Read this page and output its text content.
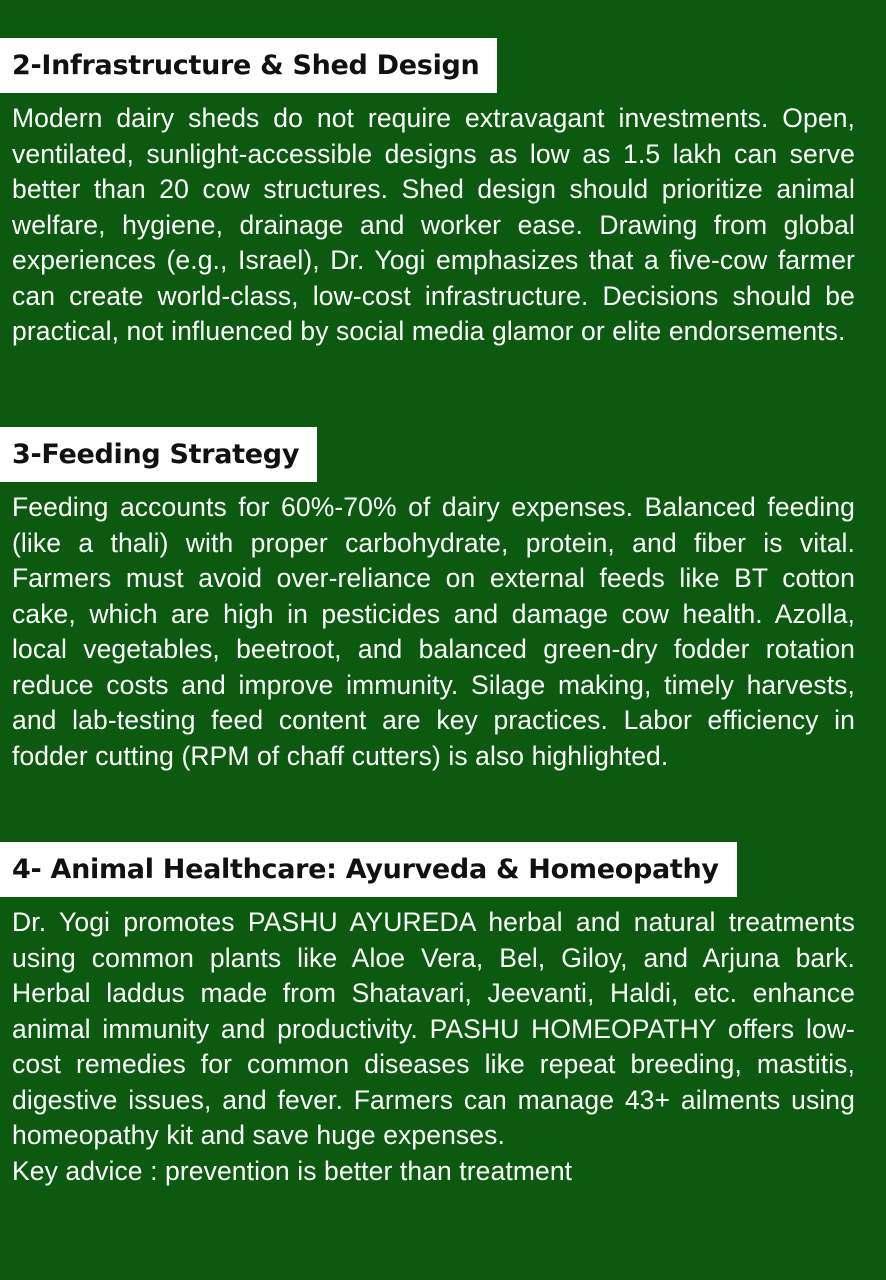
2-Infrastructure & Shed Design

Modern dairy sheds do not require extravagant investments. Open, ventilated, sunlight-accessible designs as low as 1.5 lakh can serve better than 20 cow structures. Shed design should prioritize animal welfare, hygiene, drainage and worker ease. Drawing from global experiences (e.g., Israel), Dr. Yogi emphasizes that a five-cow farmer can create world-class, low-cost infrastructure. Decisions should be practical, not influenced by social media glamor or elite endorsements.

3-Feeding Strategy

Feeding accounts for 60%-70% of dairy expenses. Balanced feeding (like a thali) with proper carbohydrate, protein, and fiber is vital. Farmers must avoid over-reliance on external feeds like BT cotton cake, which are high in pesticides and damage cow health. Azolla, local vegetables, beetroot, and balanced green-dry fodder rotation reduce costs and improve immunity. Silage making, timely harvests, and lab-testing feed content are key practices. Labor efficiency in fodder cutting (RPM of chaff cutters) is also highlighted.

4- Animal Healthcare: Ayurveda & Homeopathy

Dr. Yogi promotes PASHU AYUREDA herbal and natural treatments using common plants like Aloe Vera, Bel, Giloy, and Arjuna bark. Herbal laddus made from Shatavari, Jeevanti, Haldi, etc. enhance animal immunity and productivity. PASHU HOMEOPATHY offers low-cost remedies for common diseases like repeat breeding, mastitis, digestive issues, and fever. Farmers can manage 43+ ailments using homeopathy kit and save huge expenses.

Key advice : prevention is better than treatment
